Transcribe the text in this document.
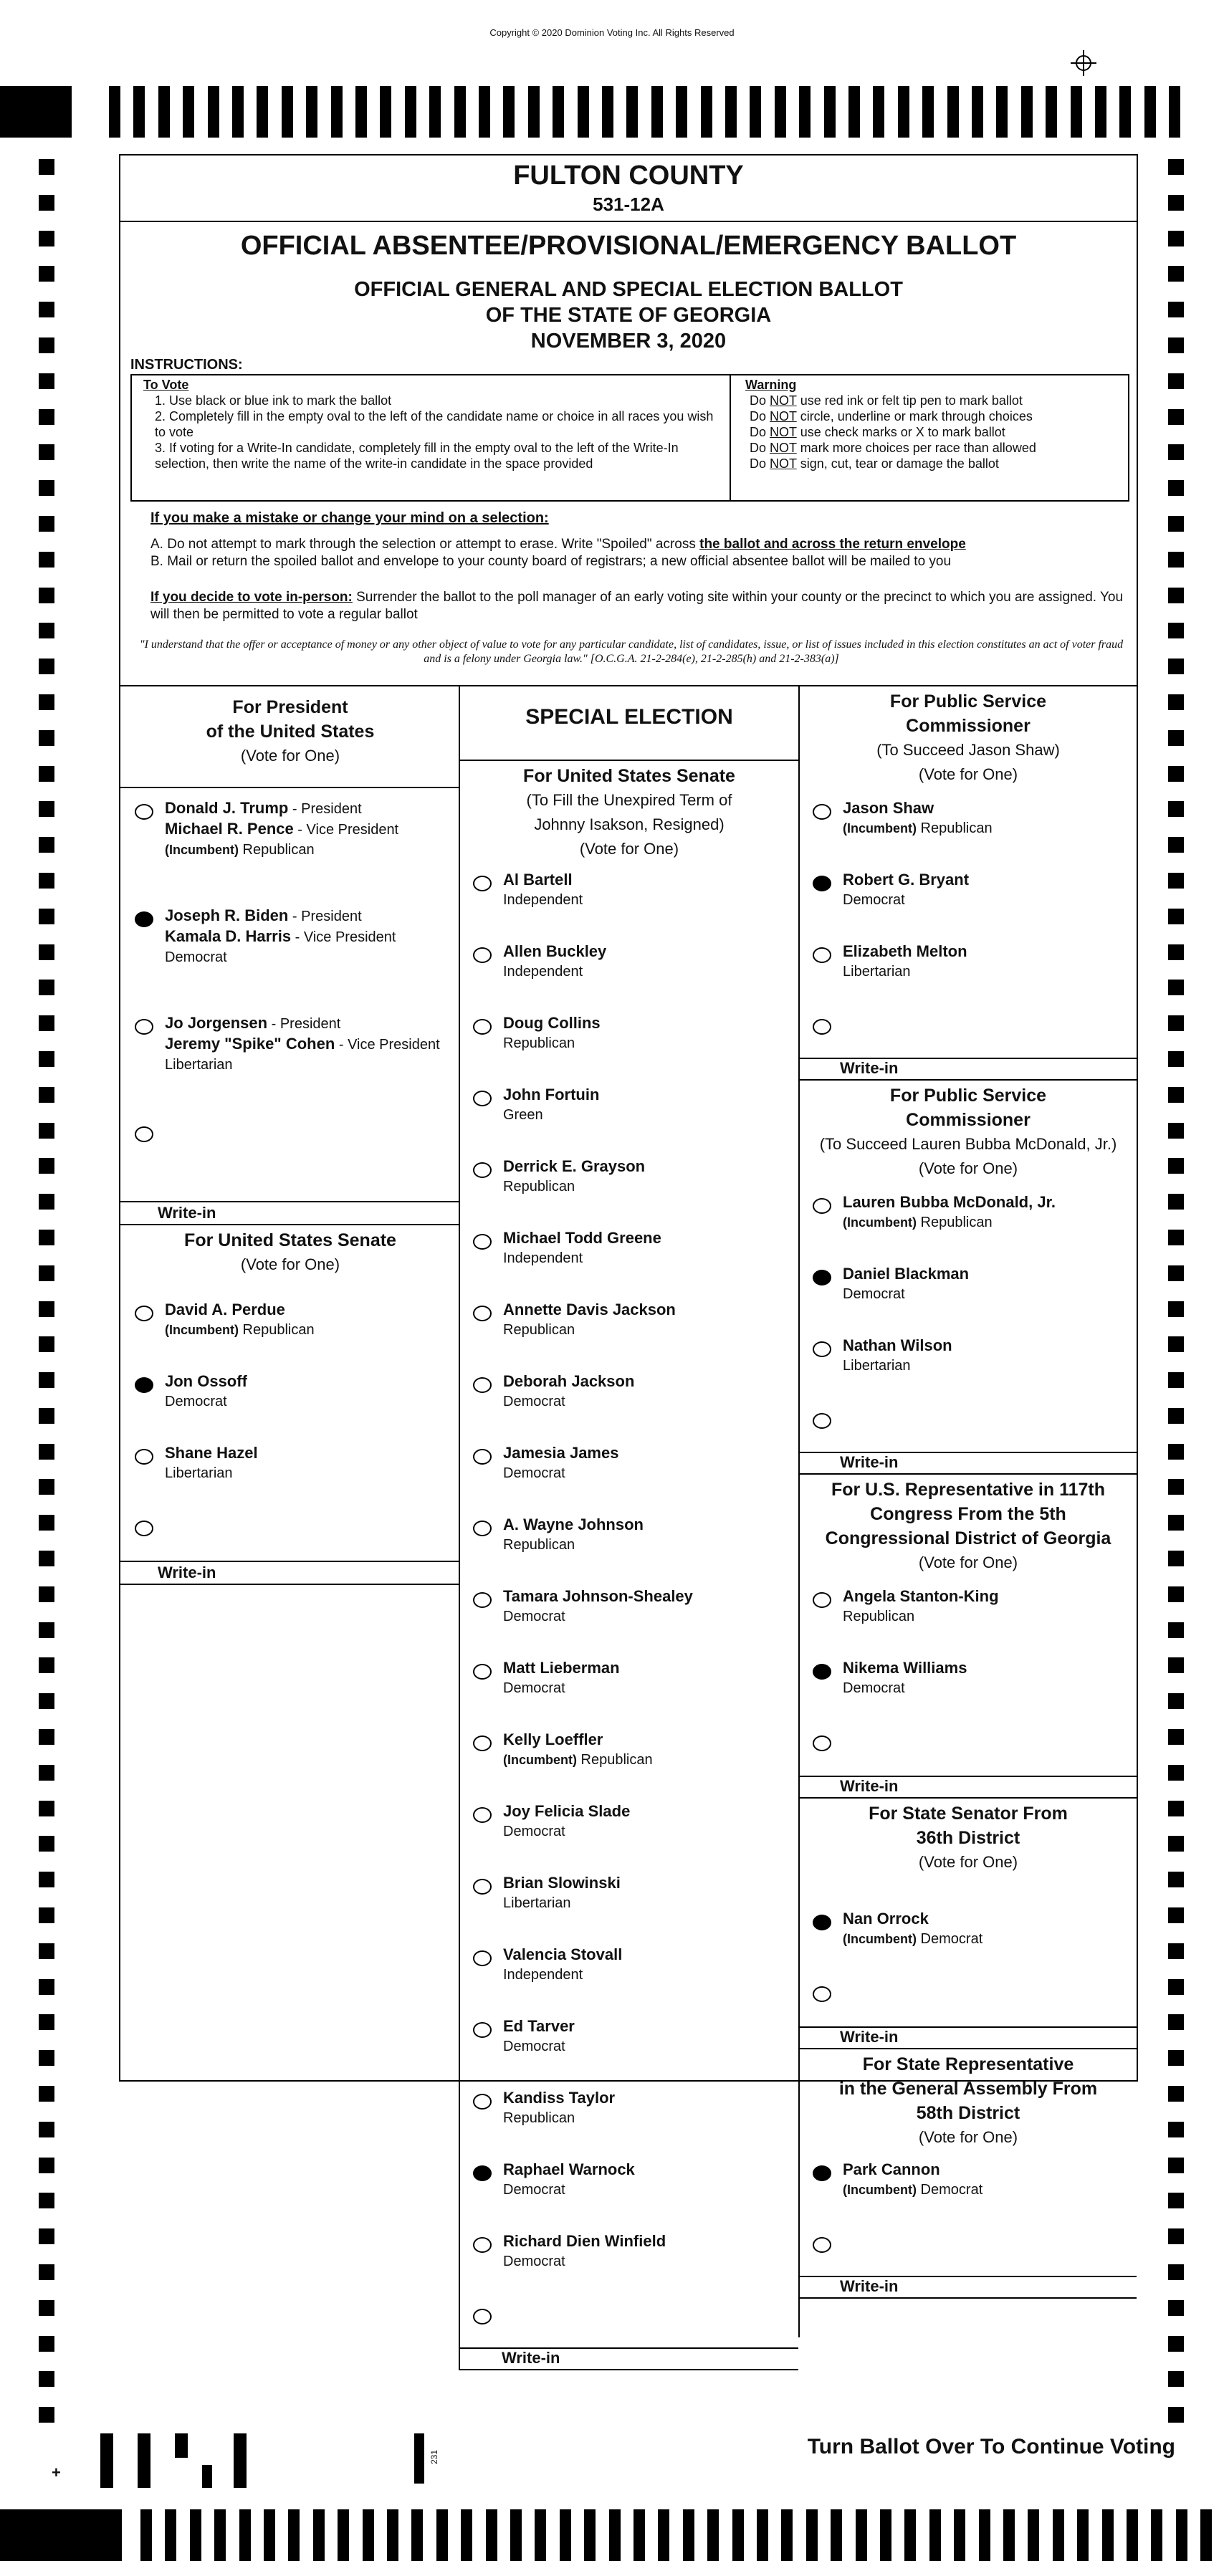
Copyright © 2020 Dominion Voting Inc. All Rights Reserved
FULTON COUNTY
531-12A
OFFICIAL ABSENTEE/PROVISIONAL/EMERGENCY BALLOT
OFFICIAL GENERAL AND SPECIAL ELECTION BALLOT
OF THE STATE OF GEORGIA
NOVEMBER 3, 2020
INSTRUCTIONS:
To Vote
1. Use black or blue ink to mark the ballot
2. Completely fill in the empty oval to the left of the candidate name or choice in all races you wish to vote
3. If voting for a Write-In candidate, completely fill in the empty oval to the left of the Write-In selection, then write the name of the write-in candidate in the space provided
Warning
Do NOT use red ink or felt tip pen to mark ballot
Do NOT circle, underline or mark through choices
Do NOT use check marks or X to mark ballot
Do NOT mark more choices per race than allowed
Do NOT sign, cut, tear or damage the ballot
If you make a mistake or change your mind on a selection:
A. Do not attempt to mark through the selection or attempt to erase. Write "Spoiled" across the ballot and across the return envelope
B. Mail or return the spoiled ballot and envelope to your county board of registrars; a new official absentee ballot will be mailed to you
If you decide to vote in-person: Surrender the ballot to the poll manager of an early voting site within your county or the precinct to which you are assigned. You will then be permitted to vote a regular ballot
"I understand that the offer or acceptance of money or any other object of value to vote for any particular candidate, list of candidates, issue, or list of issues included in this election constitutes an act of voter fraud and is a felony under Georgia law." [O.C.G.A. 21-2-284(e), 21-2-285(h) and 21-2-383(a)]
For President
of the United States
(Vote for One)
Donald J. Trump - President
Michael R. Pence - Vice President
(Incumbent) Republican
Joseph R. Biden - President
Kamala D. Harris - Vice President
Democrat
Jo Jorgensen - President
Jeremy "Spike" Cohen - Vice President
Libertarian
Write-in
For United States Senate
(Vote for One)
David A. Perdue
(Incumbent) Republican
Jon Ossoff
Democrat
Shane Hazel
Libertarian
Write-in
SPECIAL ELECTION
For United States Senate
(To Fill the Unexpired Term of
Johnny Isakson, Resigned)
(Vote for One)
Al Bartell
Independent
Allen Buckley
Independent
Doug Collins
Republican
John Fortuin
Green
Derrick E. Grayson
Republican
Michael Todd Greene
Independent
Annette Davis Jackson
Republican
Deborah Jackson
Democrat
Jamesia James
Democrat
A. Wayne Johnson
Republican
Tamara Johnson-Shealey
Democrat
Matt Lieberman
Democrat
Kelly Loeffler
(Incumbent) Republican
Joy Felicia Slade
Democrat
Brian Slowinski
Libertarian
Valencia Stovall
Independent
Ed Tarver
Democrat
Kandiss Taylor
Republican
Raphael Warnock
Democrat
Richard Dien Winfield
Democrat
Write-in
For Public Service
Commissioner
(To Succeed Jason Shaw)
(Vote for One)
Jason Shaw
(Incumbent) Republican
Robert G. Bryant
Democrat
Elizabeth Melton
Libertarian
Write-in
For Public Service
Commissioner
(To Succeed Lauren Bubba McDonald, Jr.)
(Vote for One)
Lauren Bubba McDonald, Jr.
(Incumbent) Republican
Daniel Blackman
Democrat
Nathan Wilson
Libertarian
Write-in
For U.S. Representative in 117th
Congress From the 5th
Congressional District of Georgia
(Vote for One)
Angela Stanton-King
Republican
Nikema Williams
Democrat
Write-in
For State Senator From
36th District
(Vote for One)
Nan Orrock
(Incumbent) Democrat
Write-in
For State Representative
in the General Assembly From
58th District
(Vote for One)
Park Cannon
(Incumbent) Democrat
Write-in
+
231	Turn Ballot Over To Continue Voting
